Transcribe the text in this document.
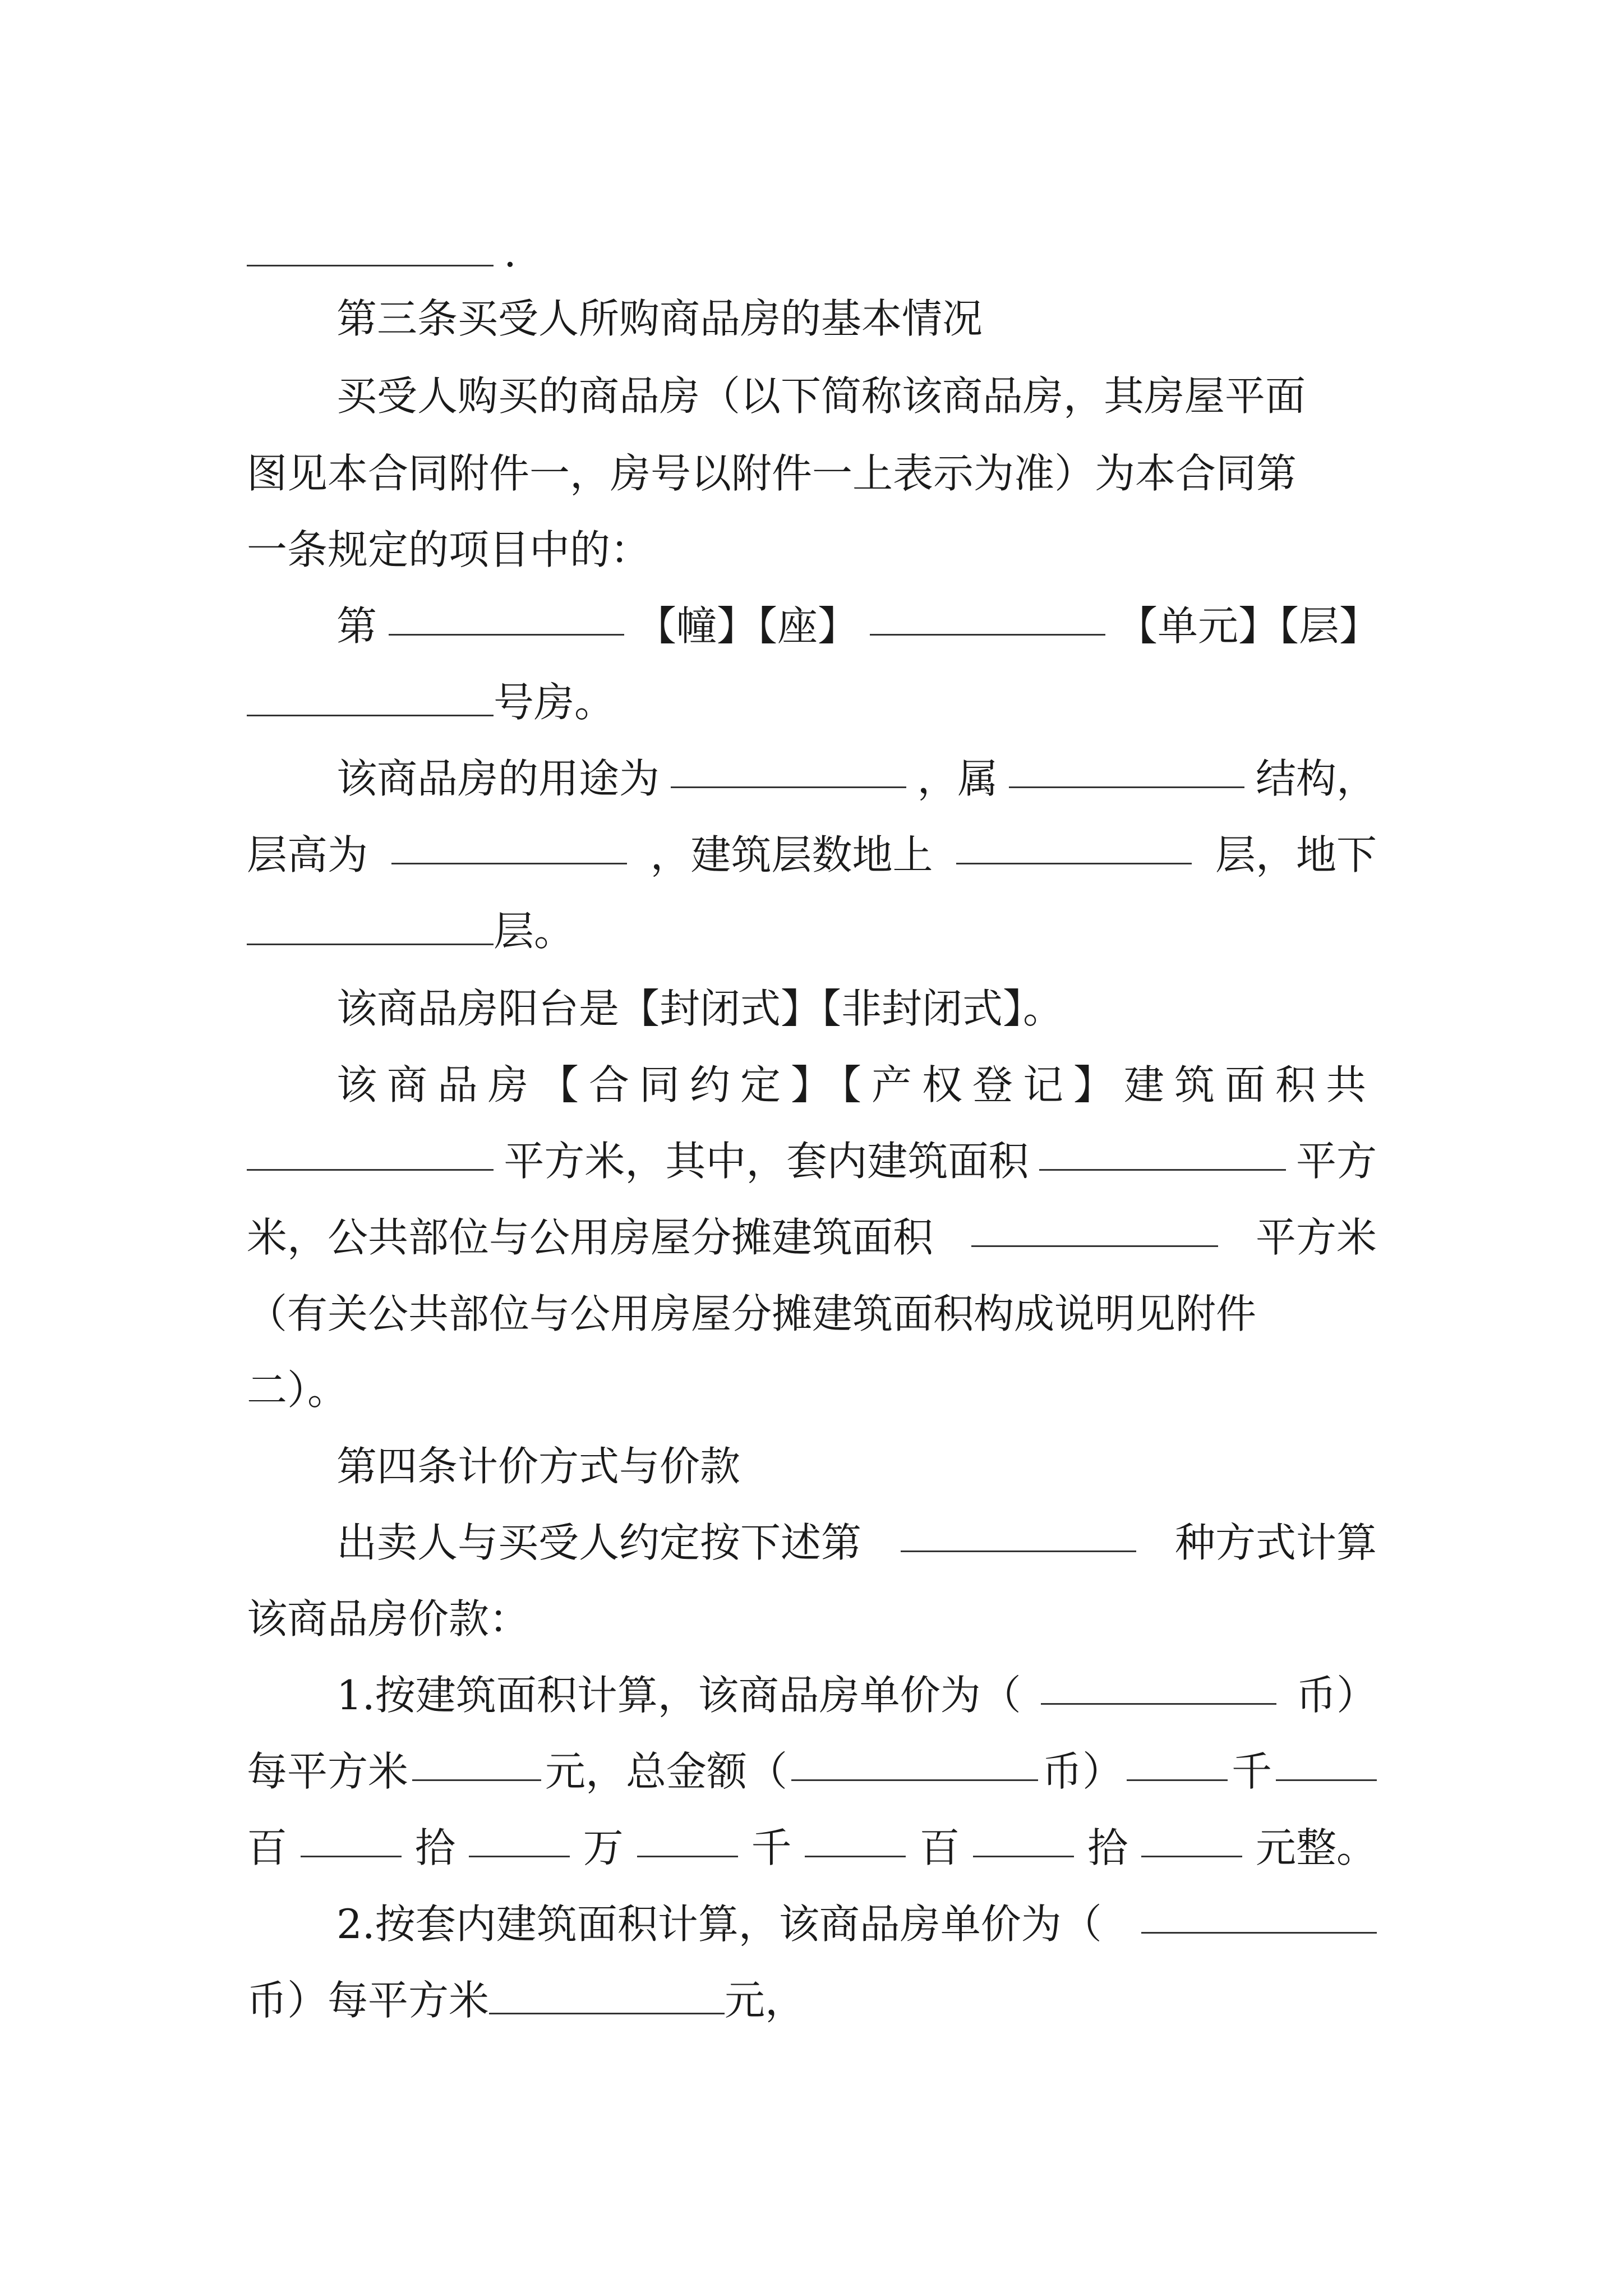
.
第三条买受人所购商品房的基本情况
买受人购买的商品房（以下简称该商品房，其房屋平面
图见本合同附件一，房号以附件一上表示为准）为本合同第
一条规定的项目中的：
第	【幢】【座】	【单元】【层】
号房。
该商品房的用途为	，属	结构，
层高为	，建筑层数地上	层，地下
层。
该商品房阳台是【封闭式】【非封闭式】。
该商品房【合同约定】【产权登记】建筑面积共
平方米，其中，套内建筑面积	平方
米，公共部位与公用房屋分摊建筑面积	平方米
（有关公共部位与公用房屋分摊建筑面积构成说明见附件
二）。
第四条计价方式与价款
出卖人与买受人约定按下述第	种方式计算
该商品房价款：
1.按建筑面积计算，该商品房单价为（	币）
每平方米	元，总金额（	币）	千
百	拾	万	千	百	拾	元整。
2.按套内建筑面积计算，该商品房单价为（
币）每平方米	元，
